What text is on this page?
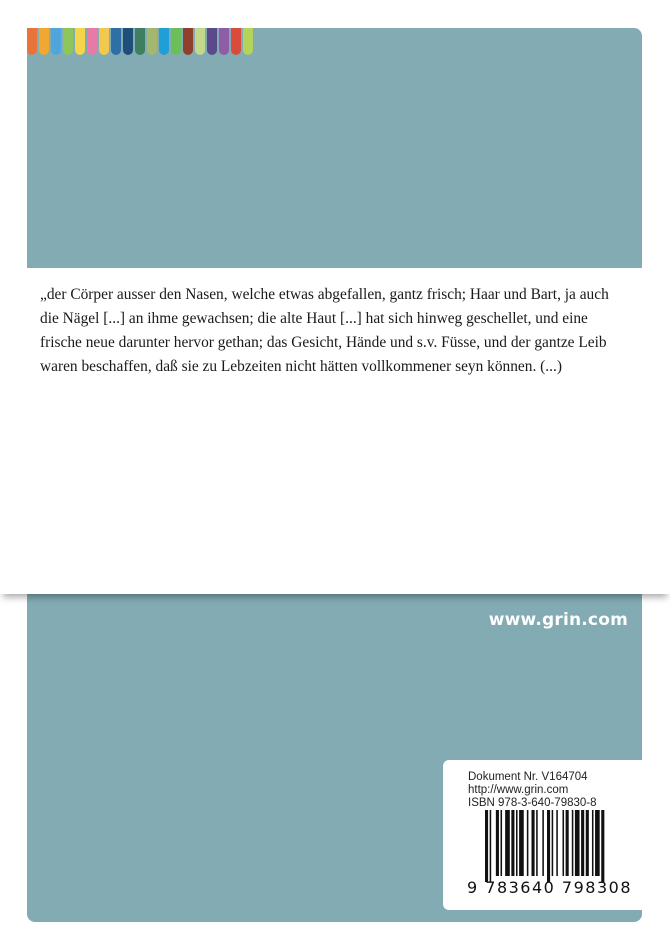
„der Cörper ausser den Nasen, welche etwas abgefallen, gantz frisch; Haar und Bart, ja auch die Nägel [...] an ihme gewachsen; die alte Haut [...] hat sich hinweg geschellet, und eine frische neue darunter hervor gethan; das Gesicht, Hände und s.v. Füsse, und der gantze Leib waren beschaffen, daß sie zu Lebzeiten nicht hätten vollkommener seyn können. (...)

www.grin.com
Dokument Nr. V164704
http://www.grin.com
ISBN 978-3-640-79830-8
9 783640 798308
